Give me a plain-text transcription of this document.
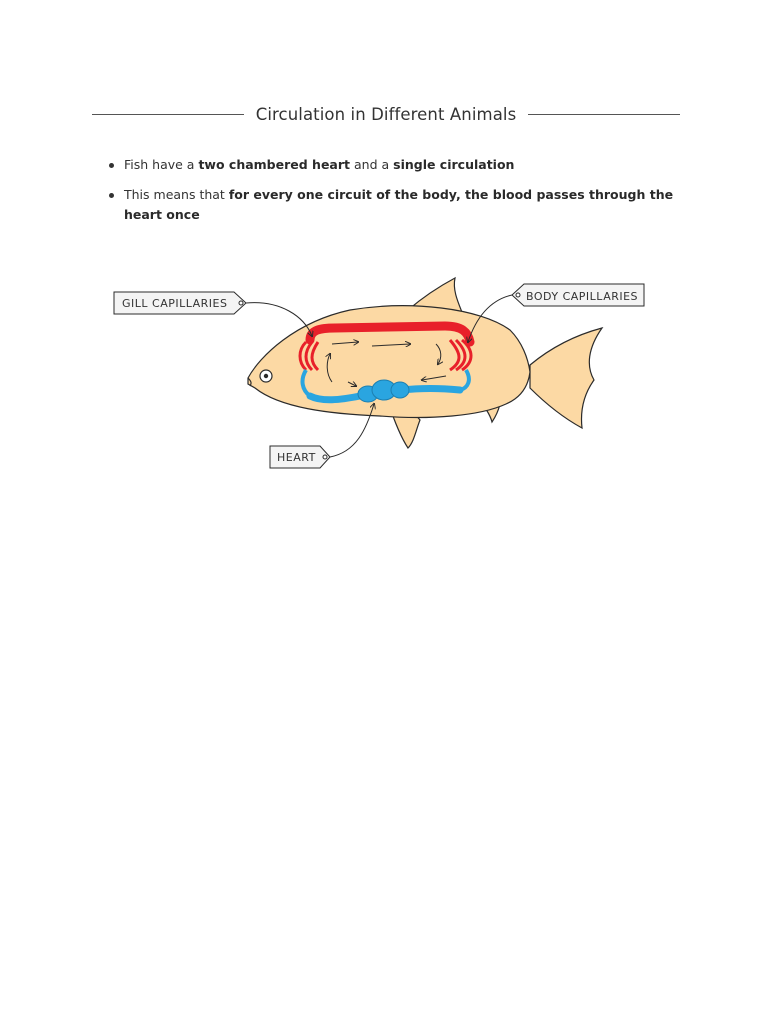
Circulation in Different Animals
Fish have a two chambered heart and a single circulation
This means that for every one circuit of the body, the blood passes through the heart once
GILL CAPILLARIES
BODY CAPILLARIES
HEART
